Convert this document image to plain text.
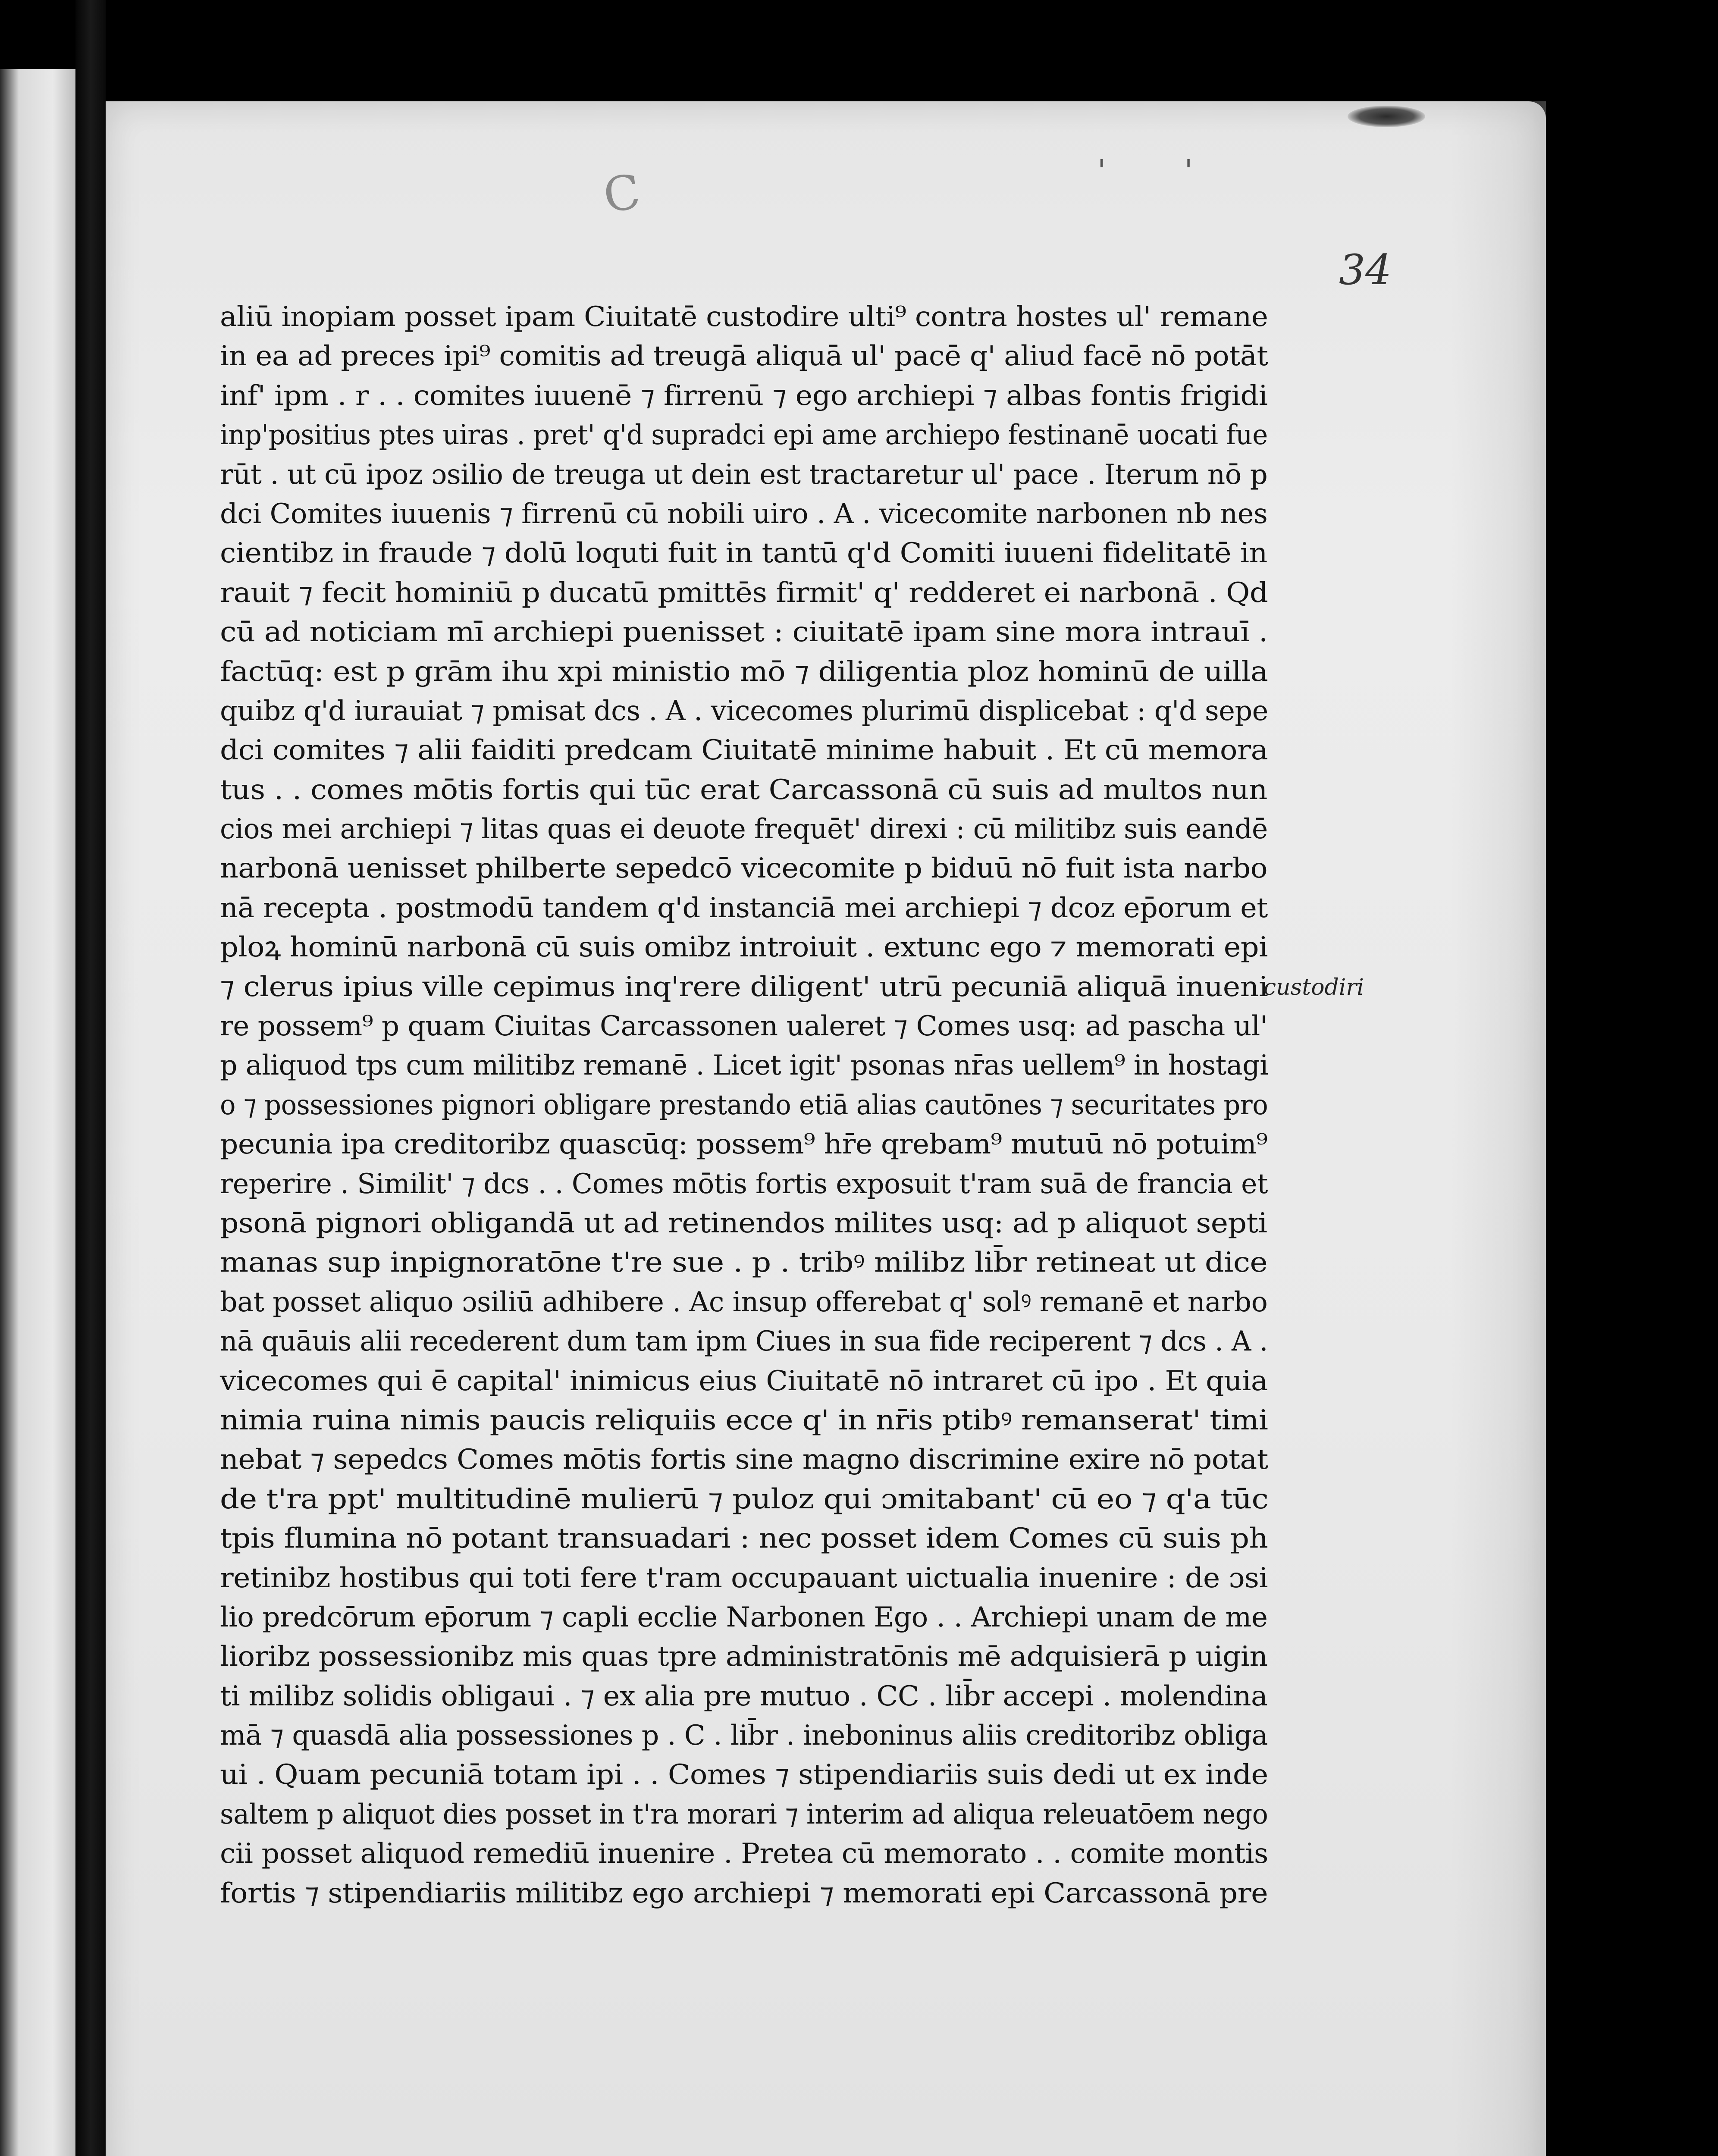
C	' '
34
aliū inopiam posset ipam Ciuitatē custodire ulti⁹ contra hostes ul' remane
in ea ad preces ipi⁹ comitis ad treugā aliquā ul' pacē q' aliud facē nō potāt
inf' ipm . r . . comites iuuenē ⁊ firrenū ⁊ ego archiepi ⁊ albas fontis frigidi
inp'positius ptes uiras . pret' q'd supradci epi ame archiepo festinanē uocati fue
rūt . ut cū ipoz ɔsilio de treuga ut dein est tractaretur ul' pace . Iterum nō p
dci Comites iuuenis ⁊ firrenū cū nobili uiro . A . vicecomite narbonen nb nes
cientibz in fraude ⁊ dolū loquti fuit in tantū q'd Comiti iuueni fidelitatē in
rauit ⁊ fecit hominiū p ducatū pmittēs firmit' q' redderet ei narbonā . Qd
cū ad noticiam mī archiepi puenisset : ciuitatē ipam sine mora intrauī .
factūq: est p grām ihu xpi ministio mō ⁊ diligentia ploz hominū de uilla
quibz q'd iurauiat ⁊ pmisat dcs . A . vicecomes plurimū displicebat : q'd sepe
dci comites ⁊ alii faiditi predcam Ciuitatē minime habuit . Et cū memora
tus . . comes mōtis fortis qui tūc erat Carcassonā cū suis ad multos nun
cios mei archiepi ⁊ litas quas ei deuote frequēt' direxi : cū militibz suis eandē
narbonā uenisset philberte sepedcō vicecomite p biduū nō fuit ista narbo
nā recepta . postmodū tandem q'd instanciā mei archiepi ⁊ dcoz ep̄orum et
ploꝝ hominū narbonā cū suis omibz introiuit . extunc ego ⁊ memorati epi
⁊ clerus ipius ville cepimus inq'rere diligent' utrū pecuniā aliquā inueni
re possem⁹ p quam Ciuitas Carcassonen ualeret ⁊ Comes usq: ad pascha ul'
p aliquod tps cum militibz remanē . Licet igit' psonas nr̄as uellem⁹ in hostagi
o ⁊ possessiones pignori obligare prestando etiā alias cautōnes ⁊ securitates pro
pecunia ipa creditoribz quascūq: possem⁹ hr̄e qrebam⁹ mutuū nō potuim⁹
reperire . Similit' ⁊ dcs . . Comes mōtis fortis exposuit t'ram suā de francia et
psonā pignori obligandā ut ad retinendos milites usq: ad p aliquot septi
manas sup inpignoratōne t're sue . p . tribꝰ milibz lib̄r retineat ut dice
bat posset aliquo ɔsiliū adhibere . Ac insup offerebat q' solꝰ remanē et narbo
nā quāuis alii recederent dum tam ipm Ciues in sua fide reciperent ⁊ dcs . A .
vicecomes qui ē capital' inimicus eius Ciuitatē nō intraret cū ipo . Et quia
nimia ruina nimis paucis reliquiis ecce q' in nr̄is ptibꝰ remanserat' timi
nebat ⁊ sepedcs Comes mōtis fortis sine magno discrimine exire nō potat
de t'ra ppt' multitudinē mulierū ⁊ puloz qui ɔmitabant' cū eo ⁊ q'a tūc
tpis flumina nō potant transuadari : nec posset idem Comes cū suis ph
retinibz hostibus qui toti fere t'ram occupauant uictualia inuenire : de ɔsi
lio predcōrum ep̄orum ⁊ capli ecclie Narbonen Ego . . Archiepi unam de me
lioribz possessionibz mis quas tpre administratōnis mē adquisierā p uigin
ti milibz solidis obligaui . ⁊ ex alia pre mutuo . CC . lib̄r accepi . molendina
mā ⁊ quasdā alia possessiones p . C . lib̄r . ineboninus aliis creditoribz obliga
ui . Quam pecuniā totam ipi . . Comes ⁊ stipendiariis suis dedi ut ex inde
saltem p aliquot dies posset in t'ra morari ⁊ interim ad aliqua releuatōem nego
cii posset aliquod remediū inuenire . Pretea cū memorato . . comite montis
fortis ⁊ stipendiariis militibz ego archiepi ⁊ memorati epi Carcassonā pre
custodiri
